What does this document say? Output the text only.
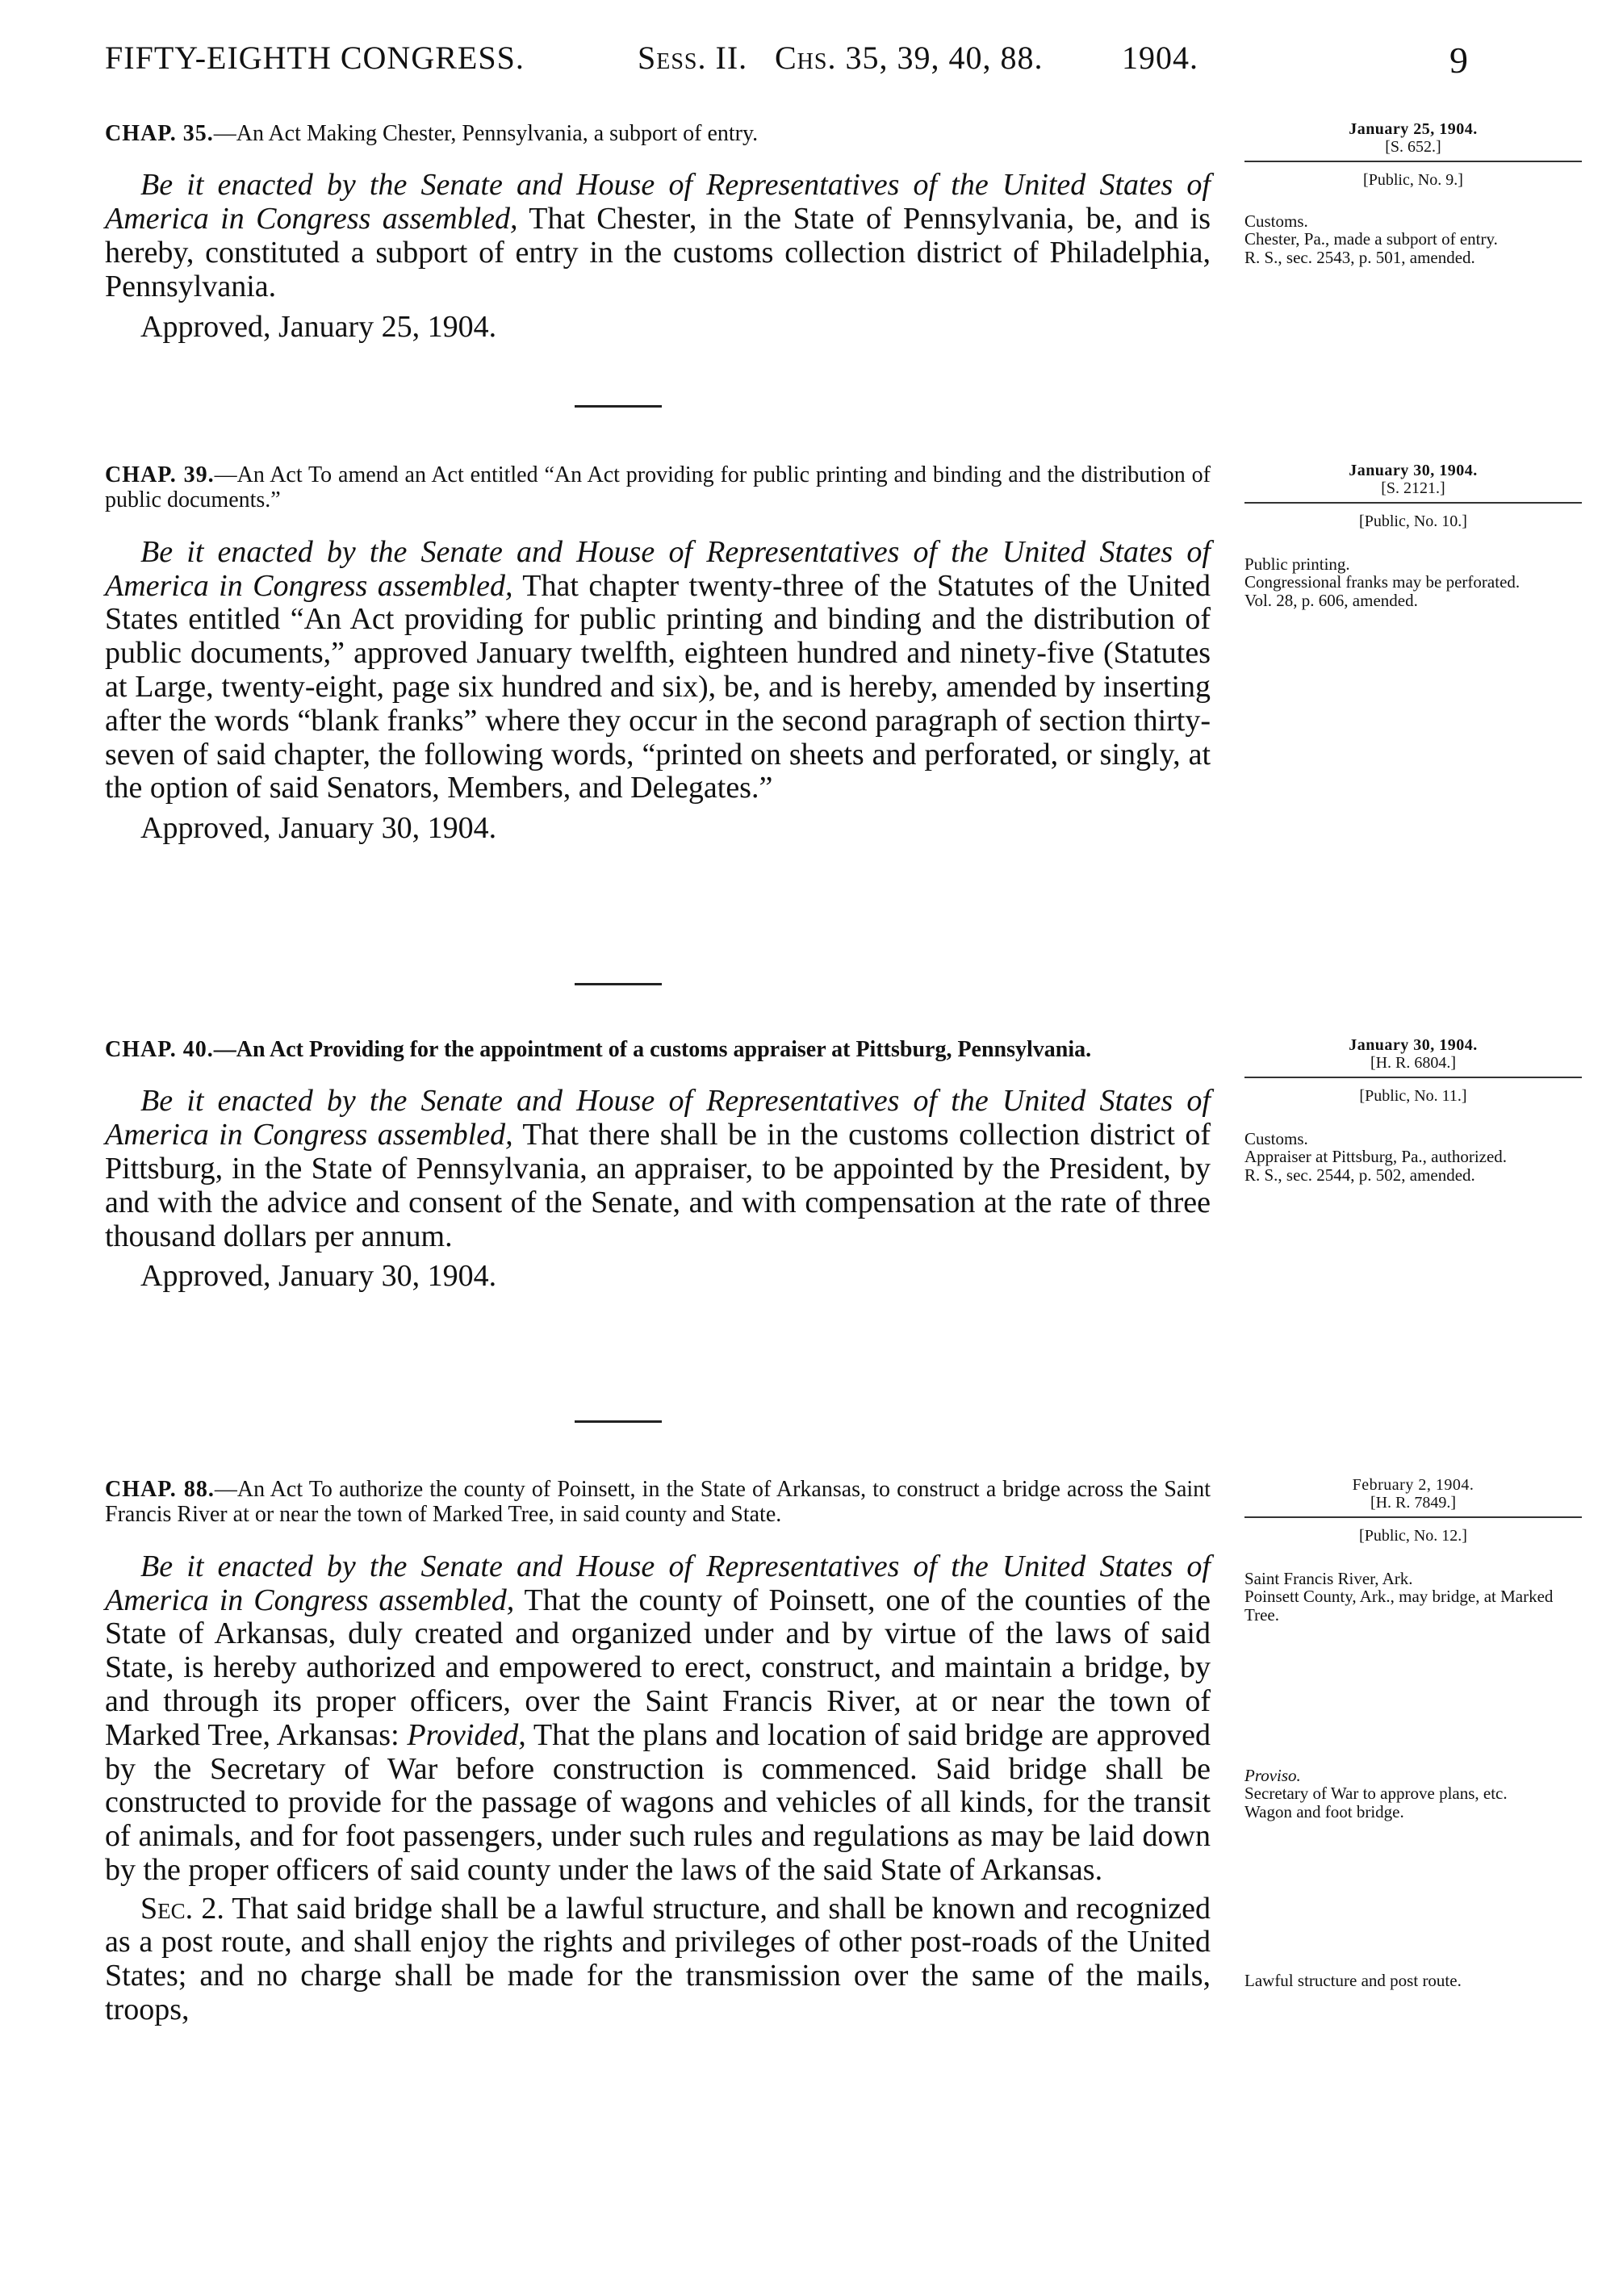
FIFTY-EIGHTH CONGRESS.	Sess. II. Chs. 35, 39, 40, 88. 1904.	9
CHAP. 35.—An Act Making Chester, Pennsylvania, a subport of entry.

Be it enacted by the Senate and House of Representatives of the United States of America in Congress assembled, That Chester, in the State of Pennsylvania, be, and is hereby, constituted a subport of entry in the customs collection district of Philadelphia, Pennsylvania.

Approved, January 25, 1904.
January 25, 1904.
[S. 652.]
[Public, No. 9.]
Customs.
Chester, Pa., made a subport of entry.
R. S., sec. 2543, p. 501, amended.
CHAP. 39.—An Act To amend an Act entitled “An Act providing for public printing and binding and the distribution of public documents.”

Be it enacted by the Senate and House of Representatives of the United States of America in Congress assembled, That chapter twenty-three of the Statutes of the United States entitled “An Act providing for public printing and binding and the distribution of public documents,” approved January twelfth, eighteen hundred and ninety-five (Statutes at Large, twenty-eight, page six hundred and six), be, and is hereby, amended by inserting after the words “blank franks” where they occur in the second paragraph of section thirty-seven of said chapter, the following words, “printed on sheets and perforated, or singly, at the option of said Senators, Members, and Delegates.”

Approved, January 30, 1904.
January 30, 1904.
[S. 2121.]
[Public, No. 10.]
Public printing.
Congressional franks may be perforated.
Vol. 28, p. 606, amended.
CHAP. 40.—An Act Providing for the appointment of a customs appraiser at Pittsburg, Pennsylvania.

Be it enacted by the Senate and House of Representatives of the United States of America in Congress assembled, That there shall be in the customs collection district of Pittsburg, in the State of Pennsylvania, an appraiser, to be appointed by the President, by and with the advice and consent of the Senate, and with compensation at the rate of three thousand dollars per annum.

Approved, January 30, 1904.
January 30, 1904.
[H. R. 6804.]
[Public, No. 11.]
Customs.
Appraiser at Pittsburg, Pa., authorized.
R. S., sec. 2544, p. 502, amended.
CHAP. 88.—An Act To authorize the county of Poinsett, in the State of Arkansas, to construct a bridge across the Saint Francis River at or near the town of Marked Tree, in said county and State.

Be it enacted by the Senate and House of Representatives of the United States of America in Congress assembled, That the county of Poinsett, one of the counties of the State of Arkansas, duly created and organized under and by virtue of the laws of said State, is hereby authorized and empowered to erect, construct, and maintain a bridge, by and through its proper officers, over the Saint Francis River, at or near the town of Marked Tree, Arkansas: Provided, That the plans and location of said bridge are approved by the Secretary of War before construction is commenced. Said bridge shall be constructed to provide for the passage of wagons and vehicles of all kinds, for the transit of animals, and for foot passengers, under such rules and regulations as may be laid down by the proper officers of said county under the laws of the said State of Arkansas.

Sec. 2. That said bridge shall be a lawful structure, and shall be known and recognized as a post route, and shall enjoy the rights and privileges of other post-roads of the United States; and no charge shall be made for the transmission over the same of the mails, troops,

February 2, 1904.
[H. R. 7849.]
[Public, No. 12.]
Saint Francis River, Ark.
Poinsett County, Ark., may bridge, at Marked Tree.
Proviso.
Secretary of War to approve plans, etc.
Wagon and foot bridge.
Lawful structure and post route.
